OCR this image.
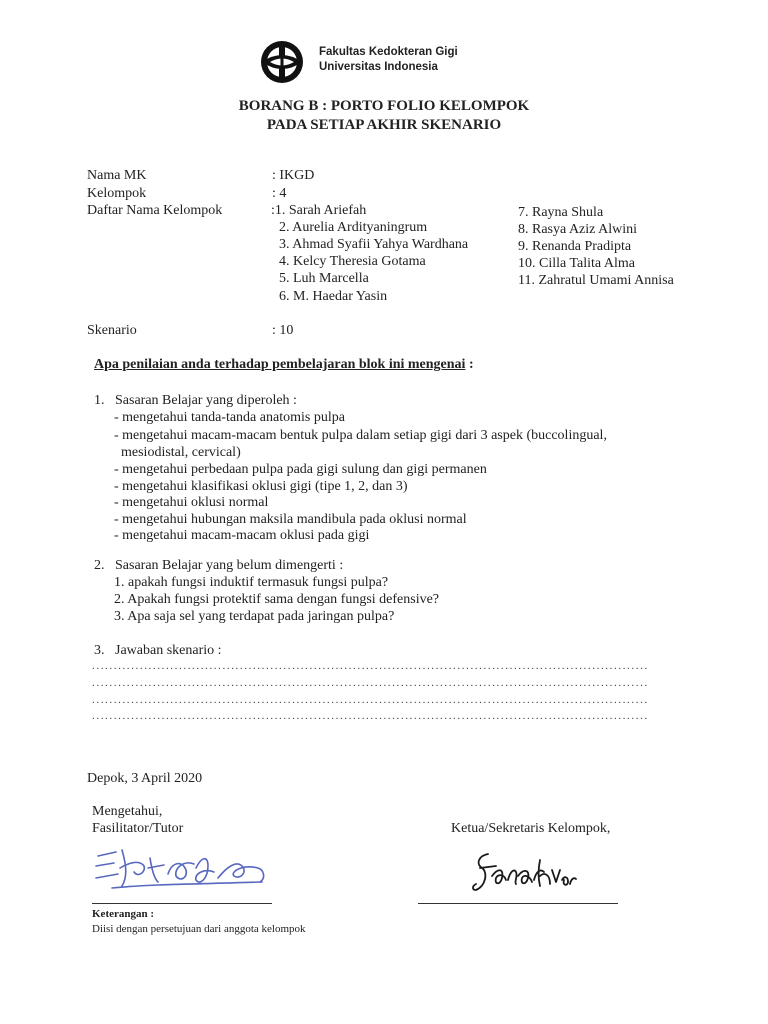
Fakultas Kedokteran Gigi
Universitas Indonesia
BORANG B : PORTO FOLIO KELOMPOK
PADA SETIAP AKHIR SKENARIO
Nama MK	: IKGD
Kelompok	: 4
Daftar Nama Kelompok	:1. Sarah Ariefah
2. Aurelia Ardityaningrum
3. Ahmad Syafii Yahya Wardhana
4. Kelcy Theresia Gotama
5. Luh Marcella
6. M. Haedar Yasin
7. Rayna Shula
8. Rasya Aziz Alwini
9. Renanda Pradipta
10. Cilla Talita Alma
11. Zahratul Umami Annisa
Skenario	: 10
Apa penilaian anda terhadap pembelajaran blok ini mengenai :
1.   Sasaran Belajar yang diperoleh :
- mengetahui tanda-tanda anatomis pulpa
- mengetahui macam-macam bentuk pulpa dalam setiap gigi dari 3 aspek (buccolingual,
mesiodistal, cervical)
- mengetahui perbedaan pulpa pada gigi sulung dan gigi permanen
- mengetahui klasifikasi oklusi gigi (tipe 1, 2, dan 3)
- mengetahui oklusi normal
- mengetahui hubungan maksila mandibula pada oklusi normal
- mengetahui macam-macam oklusi pada gigi
2.   Sasaran Belajar yang belum dimengerti :
1. apakah fungsi induktif termasuk fungsi pulpa?
2. Apakah fungsi protektif sama dengan fungsi defensive?
3. Apa saja sel yang terdapat pada jaringan pulpa?
3.   Jawaban skenario :
................................................................................................................................
................................................................................................................................
................................................................................................................................
................................................................................................................................
Depok, 3 April 2020
Mengetahui,
Fasilitator/Tutor	Ketua/Sekretaris Kelompok,
Keterangan :
Diisi dengan persetujuan dari anggota kelompok
